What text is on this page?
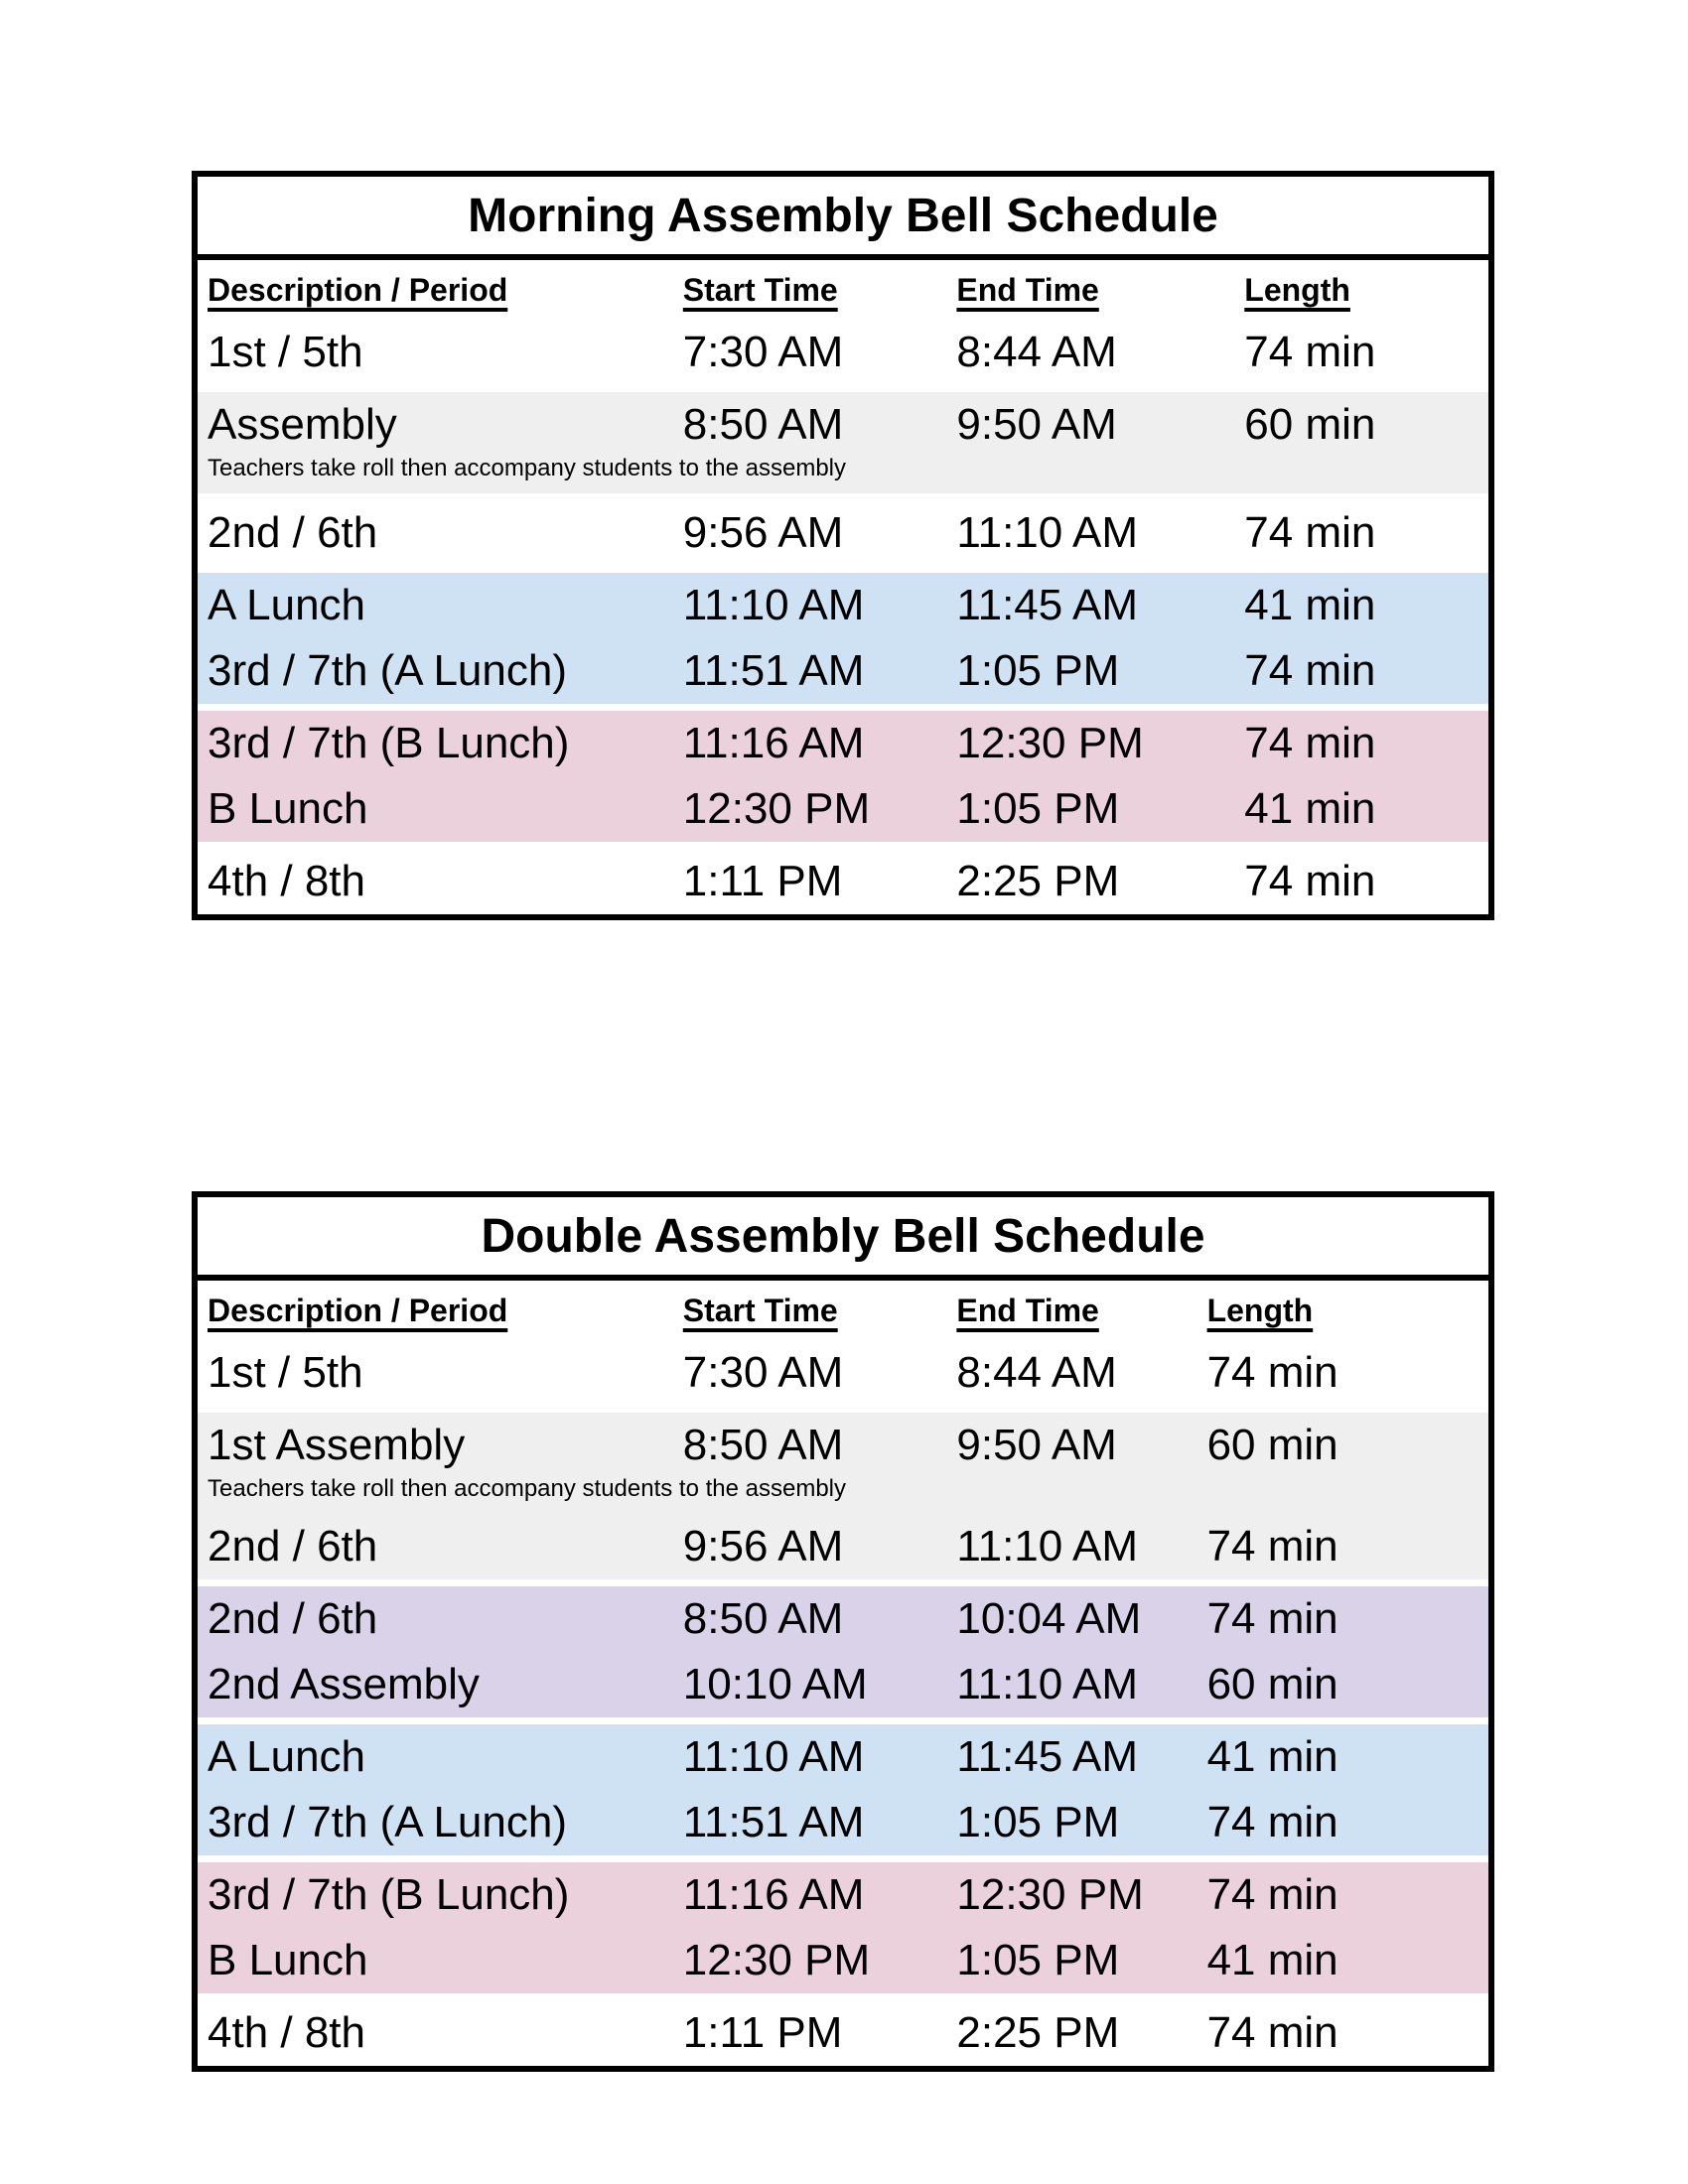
Morning Assembly Bell Schedule
Description / Period	Start Time	End Time	Length
1st / 5th	7:30 AM	8:44 AM	74 min
Assembly	8:50 AM	9:50 AM	60 min
Teachers take roll then accompany students to the assembly
2nd / 6th	9:56 AM	11:10 AM	74 min
A Lunch	11:10 AM	11:45 AM	41 min
3rd / 7th (A Lunch)	11:51 AM	1:05 PM	74 min
3rd / 7th (B Lunch)	11:16 AM	12:30 PM	74 min
B Lunch	12:30 PM	1:05 PM	41 min
4th / 8th	1:11 PM	2:25 PM	74 min
Double Assembly Bell Schedule
Description / Period	Start Time	End Time	Length
1st / 5th	7:30 AM	8:44 AM	74 min
1st Assembly	8:50 AM	9:50 AM	60 min
Teachers take roll then accompany students to the assembly
2nd / 6th	9:56 AM	11:10 AM	74 min
2nd / 6th	8:50 AM	10:04 AM	74 min
2nd Assembly	10:10 AM	11:10 AM	60 min
A Lunch	11:10 AM	11:45 AM	41 min
3rd / 7th (A Lunch)	11:51 AM	1:05 PM	74 min
3rd / 7th (B Lunch)	11:16 AM	12:30 PM	74 min
B Lunch	12:30 PM	1:05 PM	41 min
4th / 8th	1:11 PM	2:25 PM	74 min
